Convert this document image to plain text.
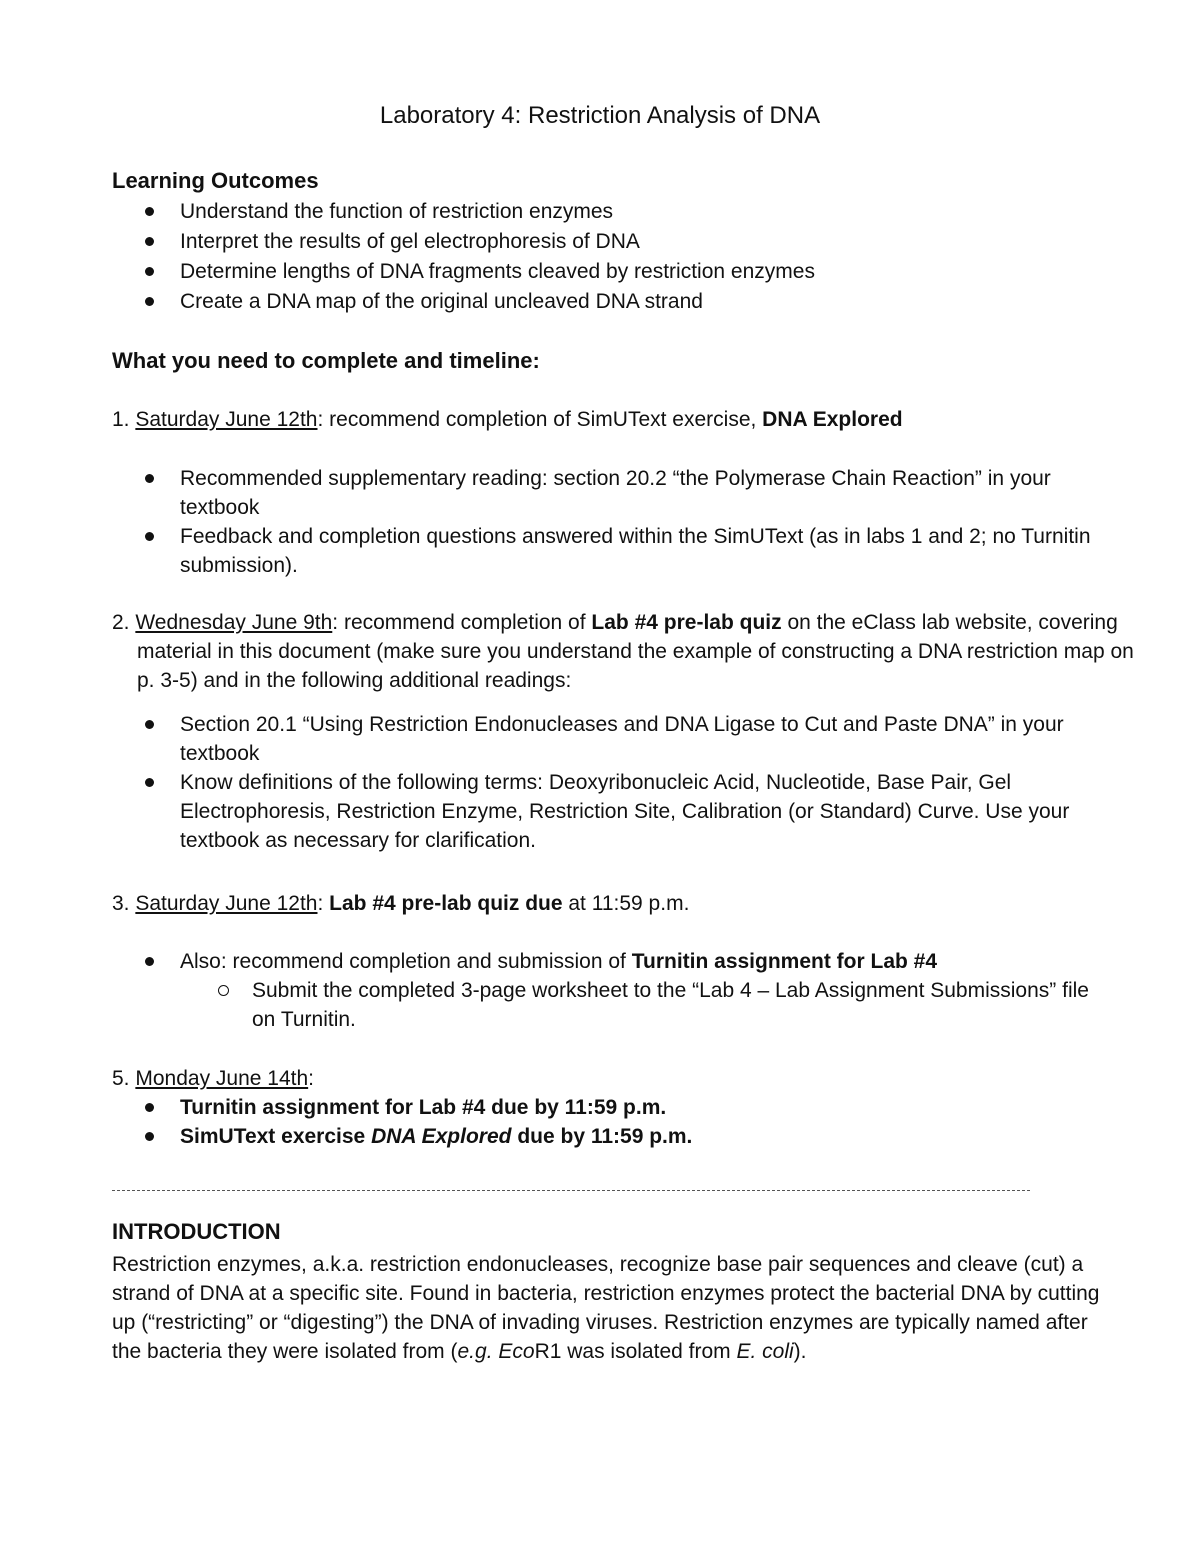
Laboratory 4: Restriction Analysis of DNA
Learning Outcomes
Understand the function of restriction enzymes
Interpret the results of gel electrophoresis of DNA
Determine lengths of DNA fragments cleaved by restriction enzymes
Create a DNA map of the original uncleaved DNA strand
What you need to complete and timeline:
1. Saturday June 12th: recommend completion of SimUText exercise, DNA Explored
Recommended supplementary reading: section 20.2 “the Polymerase Chain Reaction” in your textbook
Feedback and completion questions answered within the SimUText (as in labs 1 and 2; no Turnitin submission).
2. Wednesday June 9th: recommend completion of Lab #4 pre-lab quiz on the eClass lab website, covering material in this document (make sure you understand the example of constructing a DNA restriction map on p. 3-5) and in the following additional readings:
Section 20.1 “Using Restriction Endonucleases and DNA Ligase to Cut and Paste DNA” in your textbook
Know definitions of the following terms: Deoxyribonucleic Acid, Nucleotide, Base Pair, Gel Electrophoresis, Restriction Enzyme, Restriction Site, Calibration (or Standard) Curve. Use your textbook as necessary for clarification.
3. Saturday June 12th: Lab #4 pre-lab quiz due at 11:59 p.m.
Also: recommend completion and submission of Turnitin assignment for Lab #4
Submit the completed 3-page worksheet to the “Lab 4 – Lab Assignment Submissions” file on Turnitin.
5. Monday June 14th:
Turnitin assignment for Lab #4 due by 11:59 p.m.
SimUText exercise DNA Explored due by 11:59 p.m.
INTRODUCTION
Restriction enzymes, a.k.a. restriction endonucleases, recognize base pair sequences and cleave (cut) a strand of DNA at a specific site. Found in bacteria, restriction enzymes protect the bacterial DNA by cutting up (“restricting” or “digesting”) the DNA of invading viruses. Restriction enzymes are typically named after the bacteria they were isolated from (e.g. EcoR1 was isolated from E. coli).
